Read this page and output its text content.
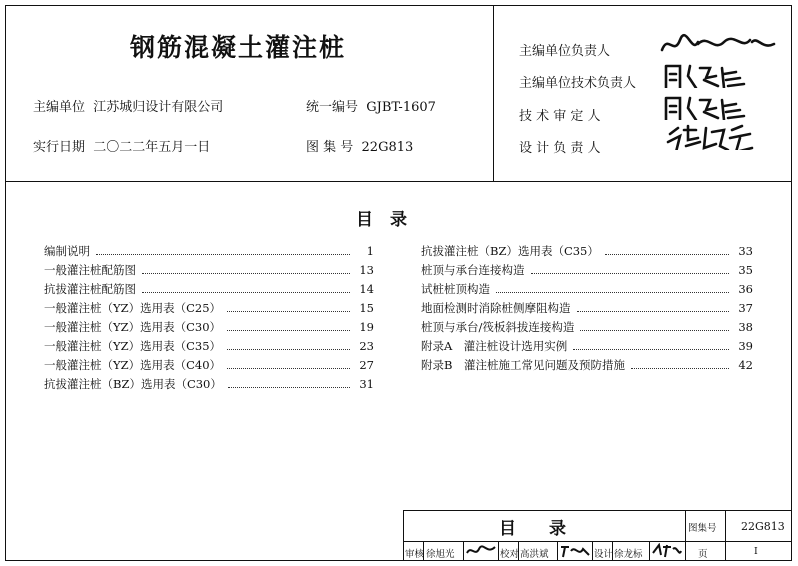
钢筋混凝土灌注桩
主编单位 江苏城归设计有限公司	统一编号 GJBT-1607
实行日期 二〇二二年五月一日	图 集 号 22G813
主编单位负责人
主编单位技术负责人
技 术 审 定 人
设 计 负 责 人
目　录
编制说明	1
一般灌注桩配筋图	13
抗拔灌注桩配筋图	14
一般灌注桩（YZ）选用表（C25）	15
一般灌注桩（YZ）选用表（C30）	19
一般灌注桩（YZ）选用表（C35）	23
一般灌注桩（YZ）选用表（C40）	27
抗拔灌注桩（BZ）选用表（C30）	31
抗拔灌注桩（BZ）选用表（C35）	33
桩顶与承台连接构造	35
试桩桩顶构造	36
地面检测时消除桩侧摩阻构造	37
桩顶与承台/筏板斜拔连接构造	38
附录A　灌注桩设计选用实例	39
附录B　灌注桩施工常见问题及预防措施	42
目　录	图集号 22G813
页	I
审核 徐旭光	校对 高洪斌	设计 徐龙标
